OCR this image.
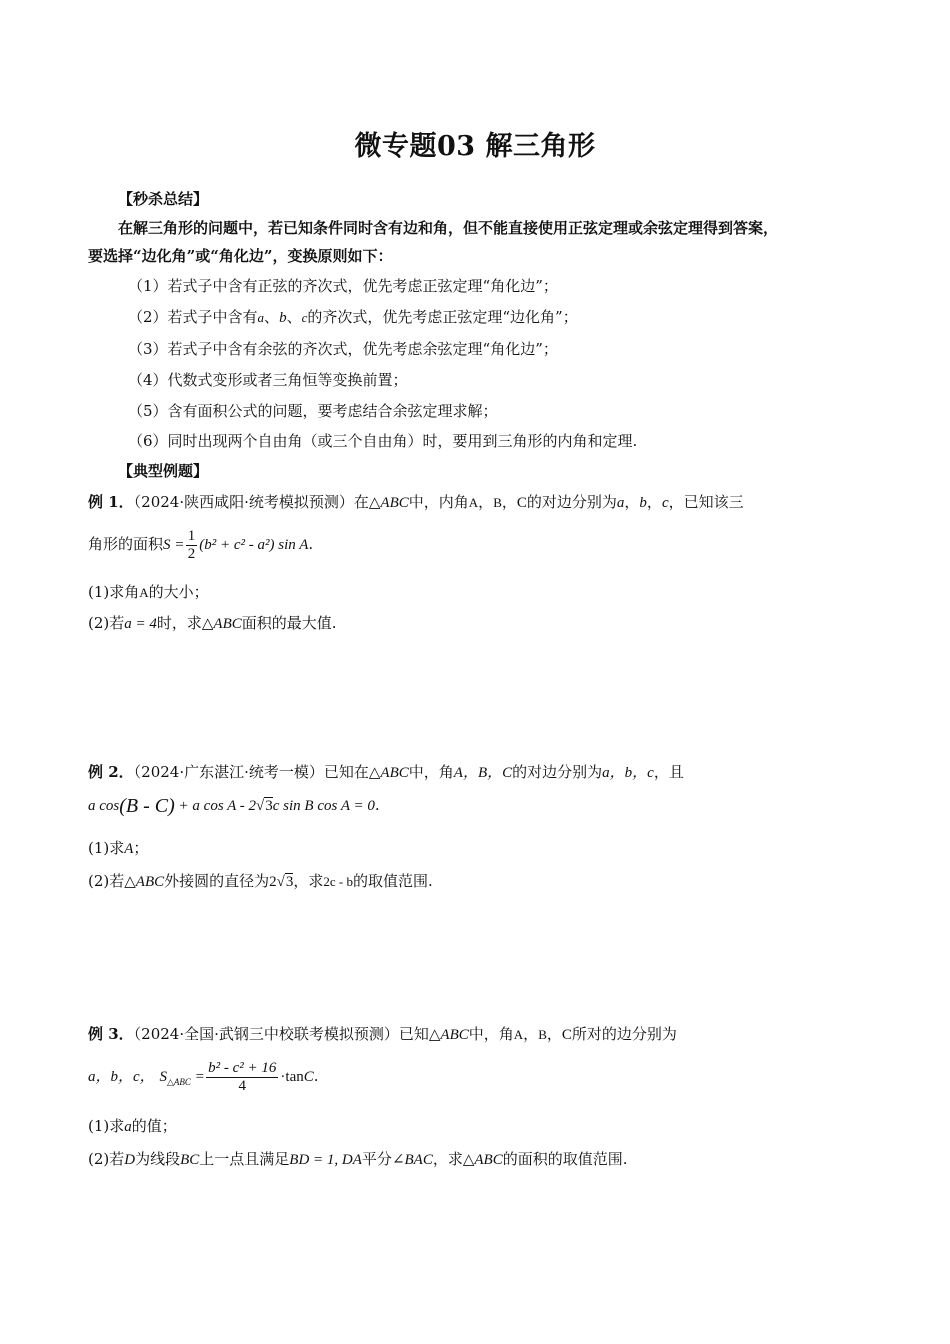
微专题03 解三角形
【秒杀总结】
在解三角形的问题中，若已知条件同时含有边和角，但不能直接使用正弦定理或余弦定理得到答案，
要选择“边化角”或“角化边”，变换原则如下：
（1）若式子中含有正弦的齐次式，优先考虑正弦定理“角化边”；
（2）若式子中含有a、b、c的齐次式，优先考虑正弦定理“边化角”；
（3）若式子中含有余弦的齐次式，优先考虑余弦定理“角化边”；
（4）代数式变形或者三角恒等变换前置；
（5）含有面积公式的问题，要考虑结合余弦定理求解；
（6）同时出现两个自由角（或三个自由角）时，要用到三角形的内角和定理.
【典型例题】
例 1．（2024·陕西咸阳·统考模拟预测）在△ABC中，内角A，B，C的对边分别为a，b，c，已知该三
角形的面积$S = \frac{1}{2} (b^2 + c^2 - a^2)$ sin A.
(1)求角A的大小；
(2)若a = 4时，求△ABC面积的最大值.
例 2．（2024·广东湛江·统考一模）已知在△ABC中，角A，B，C的对边分别为a，b，c，且
a cos(B - C) + a cos A - 2√3c sin B cos A = 0.
(1)求A；
(2)若△ABC外接圆的直径为2√3，求2c - b的取值范围.
例 3．（2024·全国·武钢三中校联考模拟预测）已知△ABC中，角A，B，C所对的边分别为
a，b，c， $S_{\triangle ABC} = \frac{\text{b² - c² + 16}}{4} \cdot\tan C$.
(1)求a的值；
(2)若D为线段BC上一点且满足BD = 1, DA平分∠BAC，求△ABC的面积的取值范围.
